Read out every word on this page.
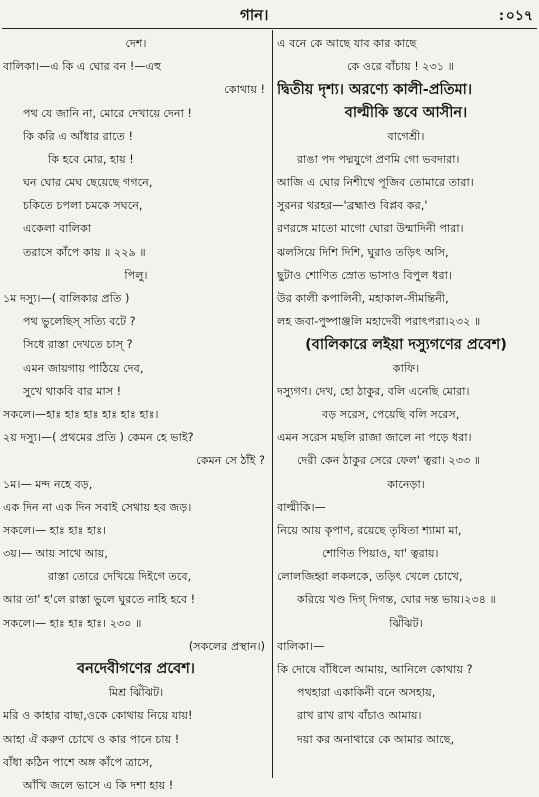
গান।	:০১৭
দেশ।
বালিকা।—এ কি এ ঘোর বন !—এহু
কোথায় !
পথ যে জানি না, মোরে দেখায়ে দেনা !
কি করি এ আঁধার রাতে !
কি হবে মোর, হায় !
ঘন ঘোর মেঘ ছেয়েছে গগনে,
চকিতে চপলা চমকে সঘনে,
একেলা বালিকা
তরাসে কাঁপে কায় ॥ ২২৯ ॥
পিলু।
১ম দস্যু।—( বালিকার প্রতি )
পথ ভুলেছিস্ সত্যি বটে ?
সিধে রাস্তা দেখতে চাস্ ?
এমন জায়গায় পাঠিয়ে দেব,
সুখে থাকবি বার মাস !
সকলে।—হাঃ হাঃ হাঃ হাঃ হাঃ হাঃ।
২য় দস্যু।—( প্রথমের প্রতি ) কেমন হে ভাই?
কেমন সে ঠাঁই ?
১ম।— মন্দ নহে বড়,
এক দিন না এক দিন সবাই সেথায় হব জড়।
সকলে।— হাঃ হাঃ হাঃ।
৩য়।— আয় সাথে আয়,
রাস্তা তোরে দেখিয়ে দিইগে তবে,
আর তা' হ'লে রাস্তা ভুলে ঘুরতে নাহি হবে !
সকলে।— হাঃ হাঃ হাঃ। ২৩০ ॥
(সকলের প্রস্থান।)
বনদেবীগণের প্রবেশ।
মিশ্র ঝিঁঝিট।
মরি ও কাহার বাছা,ওকে কোথায় নিয়ে যায়!
আহা ঐ করুণ চোখে ও কার পানে চায় !
বাঁধা কঠিন পাশে অঙ্গ কাঁপে ত্রাসে,
আঁখি জলে ভাসে এ কি দশা হায় !
এ বনে কে আছে যাব কার কাছে
কে ওরে বাঁচায় ! ২৩১ ॥
দ্বিতীয় দৃশ্য। অরণ্যে কালী-প্রতিমা।
বাল্মীকি স্তবে আসীন।
বাগেশ্রী।
রাঙা পদ পদ্মযুগে প্রণমি গো ভবদারা।
আজি এ ঘোর নিশীথে পূজিব তোমারে তারা।
সুরনর থরহর—'ব্রহ্মাণ্ড বিপ্লব কর,'
রণরঙ্গে মাতো মাগো ঘোরা উন্মাদিনী পারা।
ঝলসিয়ে দিশি দিশি, ঘুরাও তড়িৎ অসি,
ছুটাও শোণিত স্রোত ভাসাও বিপুল ধরা।
উর কালী কপালিনী, মহাকাল-সীমন্তিনী,
লহ জবা-পুষ্পাঞ্জলি মহাদেবী পরাৎপরা।২৩২ ॥
(বালিকারে লইয়া দস্যুগণের প্রবেশ)
কাফি।
দস্যুগণ। দেখ, হো ঠাকুর, বলি এনেছি মোরা।
বড় সরেস, পেয়েছি বলি সরেস,
এমন সরেস মছলি রাজা জালে না পড়ে ধরা।
দেরী কেন ঠাকুর সেরে ফেল' ত্বরা। ২৩৩ ॥
কানেড়া।
বাল্মীকি।—
নিয়ে আয় কৃপাণ, রয়েছে তৃষিতা শ্যামা মা,
শোণিত পিয়াও, যা' ত্বরায়।
লোলজিহ্বা লকলকে, তড়িৎ খেলে চোখে,
করিয়ে খণ্ড দিগ্ দিগন্ত, ঘোর দন্ত ভায়।২৩৪ ॥
ঝিঁঝিট।
বালিকা।—
কি দোষে বাঁধিলে আমায়, আনিলে কোথায় ?
পথহারা একাকিনী বনে অসহায়,
রাখ রাখ রাখ বাঁচাও আমায়।
দয়া কর অনাথারে কে আমার আছে,
